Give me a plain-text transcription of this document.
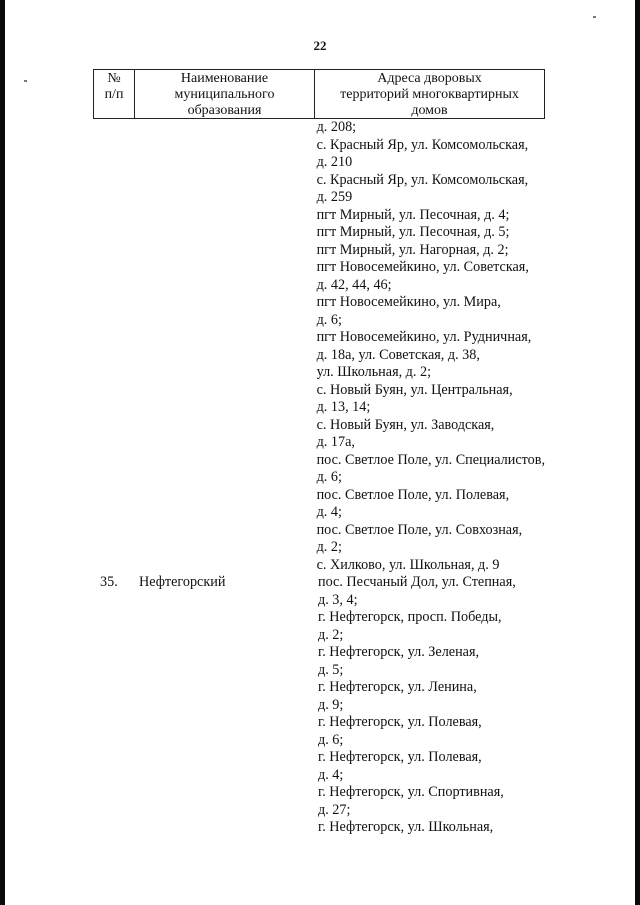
22
№
п/п
Наименование
муниципального
образования
Адреса дворовых
территорий многоквартирных
домов
д. 208;
с. Красный Яр, ул. Комсомольская,
д. 210
с. Красный Яр, ул. Комсомольская,
д. 259
пгт Мирный, ул. Песочная, д. 4;
пгт Мирный, ул. Песочная, д. 5;
пгт Мирный, ул. Нагорная, д. 2;
пгт Новосемейкино, ул. Советская,
д. 42, 44, 46;
пгт Новосемейкино, ул. Мира,
д. 6;
пгт Новосемейкино, ул. Рудничная,
д. 18а, ул. Советская, д. 38,
ул. Школьная, д. 2;
с. Новый Буян, ул. Центральная,
д. 13, 14;
с. Новый Буян, ул. Заводская,
д. 17а,
пос. Светлое Поле, ул. Специалистов,
д. 6;
пос. Светлое Поле, ул. Полевая,
д. 4;
пос. Светлое Поле, ул. Совхозная,
д. 2;
с. Хилково, ул. Школьная, д. 9
35.	Нефтегорский	пос. Песчаный Дол, ул. Степная,
д. 3, 4;
г. Нефтегорск, просп. Победы,
д. 2;
г. Нефтегорск, ул. Зеленая,
д. 5;
г. Нефтегорск, ул. Ленина,
д. 9;
г. Нефтегорск, ул. Полевая,
д. 6;
г. Нефтегорск, ул. Полевая,
д. 4;
г. Нефтегорск, ул. Спортивная,
д. 27;
г. Нефтегорск, ул. Школьная,
